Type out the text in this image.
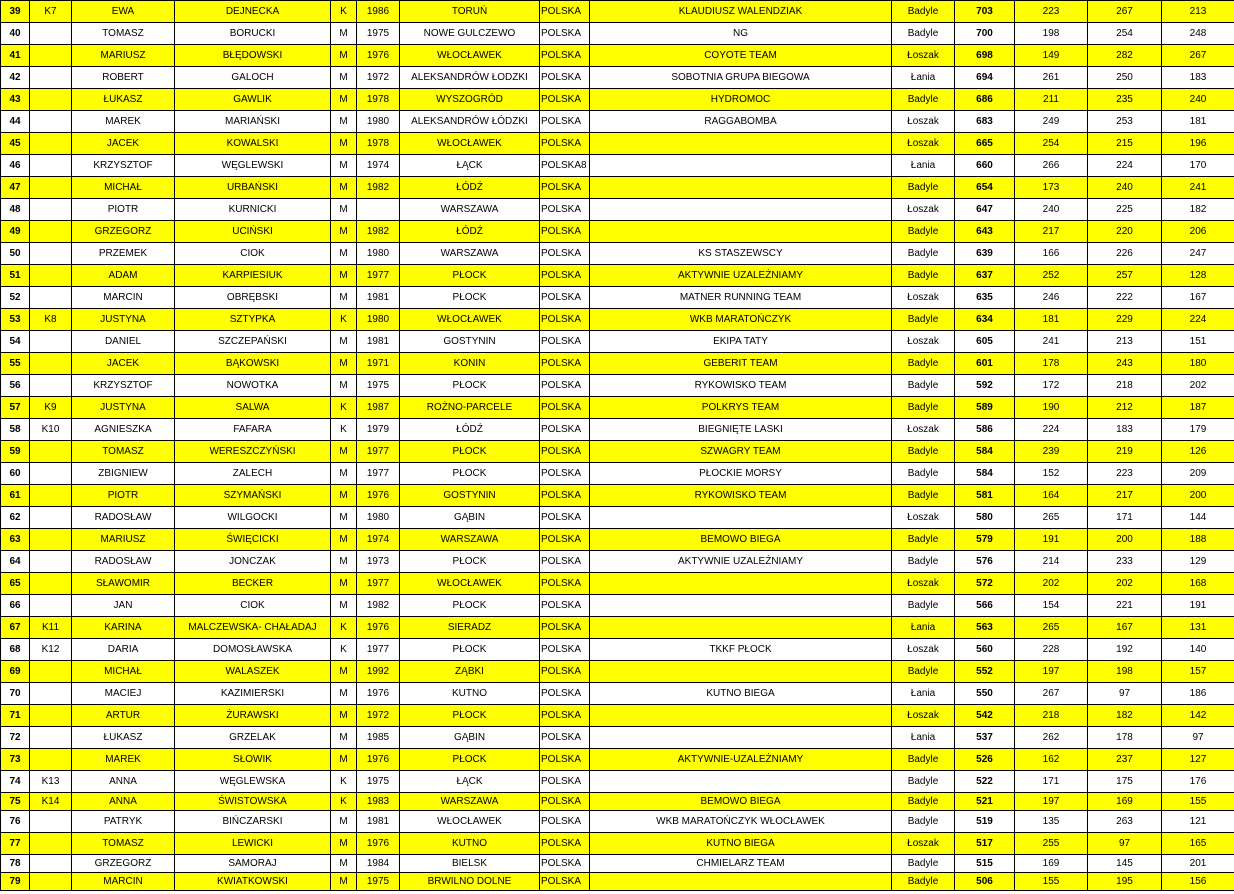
39	K7	EWA	DEJNECKA	K	1986	TORUŃ	POLSKA	KLAUDIUSZ WALENDZIAK	Badyle	703	223	267	213
40		TOMASZ	BORUCKI	M	1975	NOWE GULCZEWO	POLSKA	NG	Badyle	700	198	254	248
41		MARIUSZ	BŁĘDOWSKI	M	1976	WŁOCŁAWEK	POLSKA	COYOTE TEAM	Łoszak	698	149	282	267
42		ROBERT	GALOCH	M	1972	ALEKSANDRÓW ŁODZKI	POLSKA	SOBOTNIA GRUPA BIEGOWA	Łania	694	261	250	183
43		ŁUKASZ	GAWLIK	M	1978	WYSZOGRÓD	POLSKA	HYDROMOC	Badyle	686	211	235	240
44		MAREK	MARIAŃSKI	M	1980	ALEKSANDRÓW ŁÓDZKI	POLSKA	RAGGABOMBA	Łoszak	683	249	253	181
45		JACEK	KOWALSKI	M	1978	WŁOCŁAWEK	POLSKA		Łoszak	665	254	215	196
46		KRZYSZTOF	WĘGLEWSKI	M	1974	ŁĄCK	POLSKA8		Łania	660	266	224	170
47		MICHAŁ	URBAŃSKI	M	1982	ŁÓDŹ	POLSKA		Badyle	654	173	240	241
48		PIOTR	KURNICKI	M		WARSZAWA	POLSKA		Łoszak	647	240	225	182
49		GRZEGORZ	UCIŃSKI	M	1982	ŁÓDŹ	POLSKA		Badyle	643	217	220	206
50		PRZEMEK	CIOK	M	1980	WARSZAWA	POLSKA	KS STASZEWSCY	Badyle	639	166	226	247
51		ADAM	KARPIESIUK	M	1977	PŁOCK	POLSKA	AKTYWNIE UZALEŻNIAMY	Badyle	637	252	257	128
52		MARCIN	OBRĘBSKI	M	1981	PŁOCK	POLSKA	MATNER RUNNING TEAM	Łoszak	635	246	222	167
53	K8	JUSTYNA	SZTYPKA	K	1980	WŁOCŁAWEK	POLSKA	WKB MARATOŃCZYK	Badyle	634	181	229	224
54		DANIEL	SZCZEPAŃSKI	M	1981	GOSTYNIN	POLSKA	EKIPA TATY	Łoszak	605	241	213	151
55		JACEK	BĄKOWSKI	M	1971	KONIN	POLSKA	GEBERIT TEAM	Badyle	601	178	243	180
56		KRZYSZTOF	NOWOTKA	M	1975	PŁOCK	POLSKA	RYKOWISKO TEAM	Badyle	592	172	218	202
57	K9	JUSTYNA	SALWA	K	1987	ROŻNO-PARCELE	POLSKA	POLKRYS TEAM	Badyle	589	190	212	187
58	K10	AGNIESZKA	FAFARA	K	1979	ŁÓDŹ	POLSKA	BIEGNIĘTE LASKI	Łoszak	586	224	183	179
59		TOMASZ	WERESZCZYŃSKI	M	1977	PŁOCK	POLSKA	SZWAGRY TEAM	Badyle	584	239	219	126
60		ZBIGNIEW	ZALECH	M	1977	PŁOCK	POLSKA	PŁOCKIE MORSY	Badyle	584	152	223	209
61		PIOTR	SZYMAŃSKI	M	1976	GOSTYNIN	POLSKA	RYKOWISKO TEAM	Badyle	581	164	217	200
62		RADOSŁAW	WILGOCKI	M	1980	GĄBIN	POLSKA		Łoszak	580	265	171	144
63		MARIUSZ	ŚWIĘCICKI	M	1974	WARSZAWA	POLSKA	BEMOWO BIEGA	Badyle	579	191	200	188
64		RADOSŁAW	JONCZAK	M	1973	PŁOCK	POLSKA	AKTYWNIE UZALEŻNIAMY	Badyle	576	214	233	129
65		SŁAWOMIR	BECKER	M	1977	WŁOCŁAWEK	POLSKA		Łoszak	572	202	202	168
66		JAN	CIOK	M	1982	PŁOCK	POLSKA		Badyle	566	154	221	191
67	K11	KARINA	MALCZEWSKA- CHAŁADAJ	K	1976	SIERADZ	POLSKA		Łania	563	265	167	131
68	K12	DARIA	DOMOSŁAWSKA	K	1977	PŁOCK	POLSKA	TKKF PŁOCK	Łoszak	560	228	192	140
69		MICHAŁ	WALASZEK	M	1992	ZĄBKI	POLSKA		Badyle	552	197	198	157
70		MACIEJ	KAZIMIERSKI	M	1976	KUTNO	POLSKA	KUTNO BIEGA	Łania	550	267	97	186
71		ARTUR	ŻURAWSKI	M	1972	PŁOCK	POLSKA		Łoszak	542	218	182	142
72		ŁUKASZ	GRZELAK	M	1985	GĄBIN	POLSKA		Łania	537	262	178	97
73		MAREK	SŁOWIK	M	1976	PŁOCK	POLSKA	AKTYWNIE-UZALEŻNIAMY	Badyle	526	162	237	127
74	K13	ANNA	WĘGLEWSKA	K	1975	ŁĄCK	POLSKA		Badyle	522	171	175	176
75	K14	ANNA	ŚWISTOWSKA	K	1983	WARSZAWA	POLSKA	BEMOWO BIEGA	Badyle	521	197	169	155
76		PATRYK	BIŃCZARSKI	M	1981	WŁOCŁAWEK	POLSKA	WKB MARATOŃCZYK WŁOCŁAWEK	Badyle	519	135	263	121
77		TOMASZ	LEWICKI	M	1976	KUTNO	POLSKA	KUTNO BIEGA	Łoszak	517	255	97	165
78		GRZEGORZ	SAMORAJ	M	1984	BIELSK	POLSKA	CHMIELARZ TEAM	Badyle	515	169	145	201
79		MARCIN	KWIATKOWSKI	M	1975	BRWILNO DOLNE	POLSKA		Badyle	506	155	195	156
